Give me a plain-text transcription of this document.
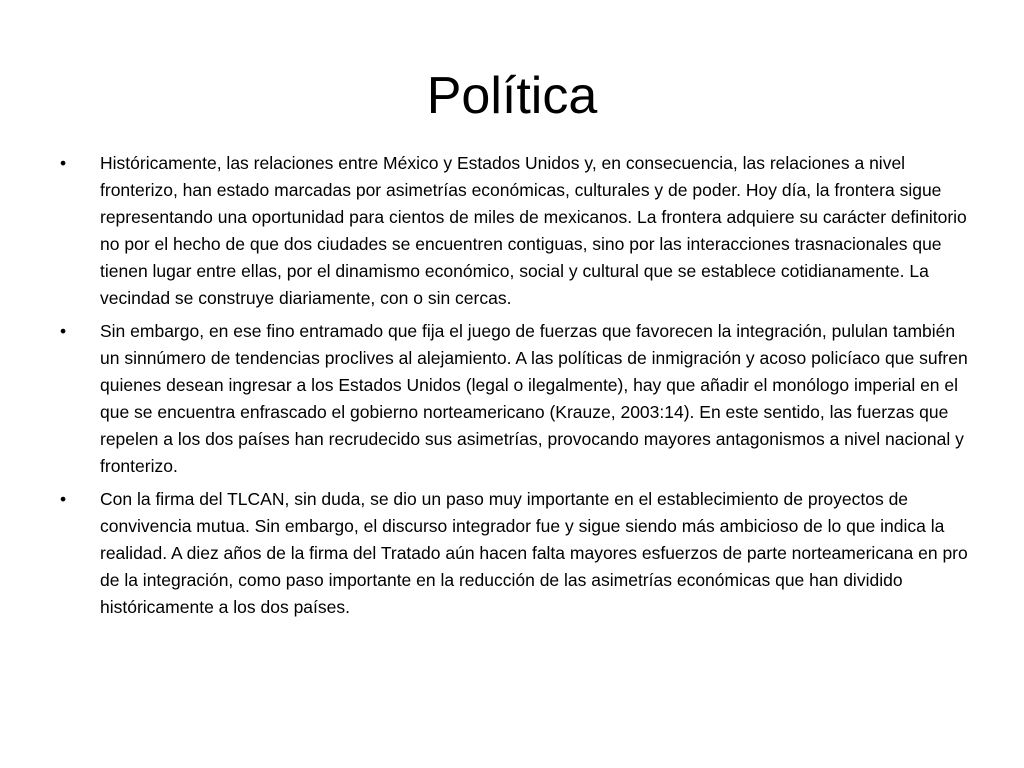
Política
•	Históricamente, las relaciones entre México y Estados Unidos y, en consecuencia, las relaciones a nivel fronterizo, han estado marcadas por asimetrías económicas, culturales y de poder. Hoy día, la frontera sigue representando una oportunidad para cientos de miles de mexicanos. La frontera adquiere su carácter definitorio no por el hecho de que dos ciudades se encuentren contiguas, sino por las interacciones trasnacionales que tienen lugar entre ellas, por el dinamismo económico, social y cultural que se establece cotidianamente. La vecindad se construye diariamente, con o sin cercas.
•	Sin embargo, en ese fino entramado que fija el juego de fuerzas que favorecen la integración, pululan también un sinnúmero de tendencias proclives al alejamiento. A las políticas de inmigración y acoso policíaco que sufren quienes desean ingresar a los Estados Unidos (legal o ilegalmente), hay que añadir el monólogo imperial en el que se encuentra enfrascado el gobierno norteamericano (Krauze, 2003:14). En este sentido, las fuerzas que repelen a los dos países han recrudecido sus asimetrías, provocando mayores antagonismos a nivel nacional y fronterizo.
•	Con la firma del TLCAN, sin duda, se dio un paso muy importante en el establecimiento de proyectos de convivencia mutua. Sin embargo, el discurso integrador fue y sigue siendo más ambicioso de lo que indica la realidad. A diez años de la firma del Tratado aún hacen falta mayores esfuerzos de parte norteamericana en pro de la integración, como paso importante en la reducción de las asimetrías económicas que han dividido históricamente a los dos países.
